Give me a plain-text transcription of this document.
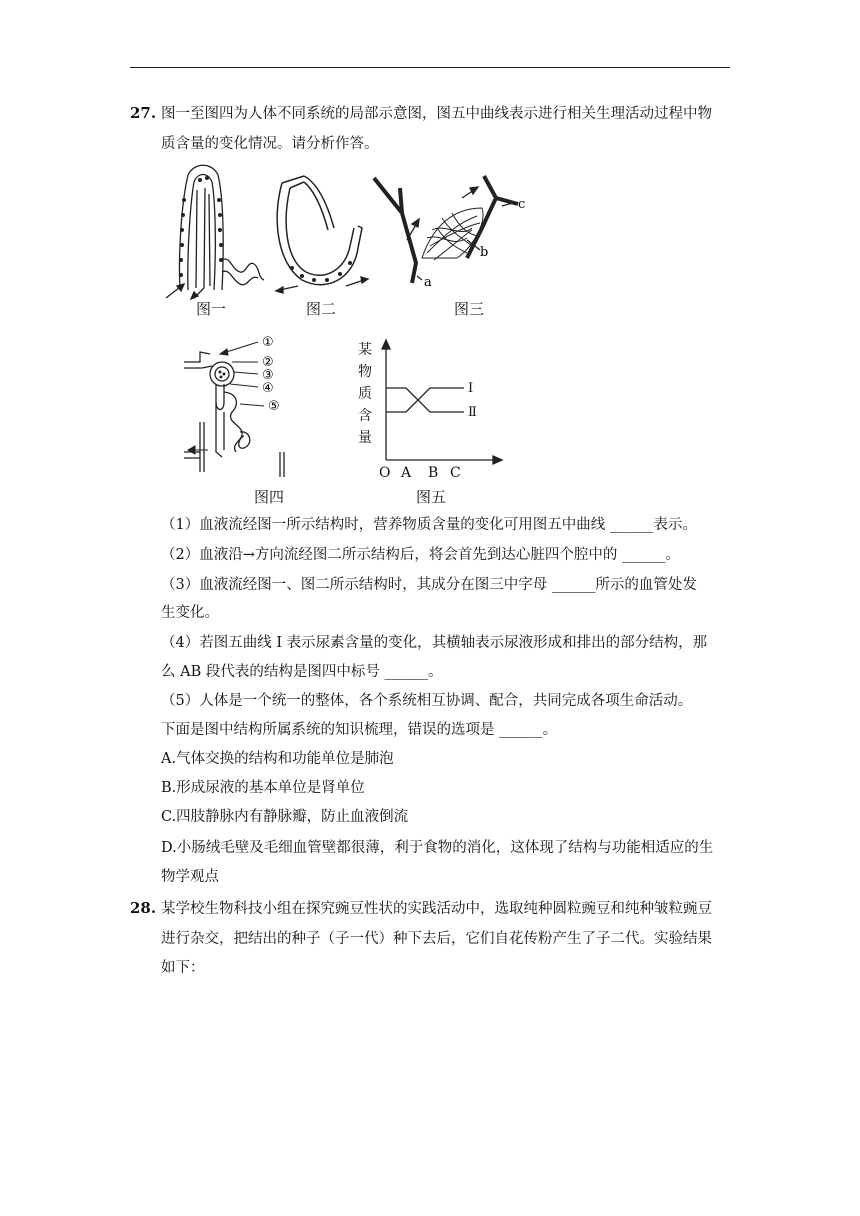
27. 图一至图四为人体不同系统的局部示意图，图五中曲线表示进行相关生理活动过程中物
质含量的变化情况。请分析作答。
图一	图二
a
b
c
图三
①
②
③
④
⑤
图四
某
物
质
含
量
Ⅰ
Ⅱ
O A B C
图五
（1）血液流经图一所示结构时，营养物质含量的变化可用图五中曲线 ______表示。
（2）血液沿→方向流经图二所示结构后，将会首先到达心脏四个腔中的 ______。
（3）血液流经图一、图二所示结构时，其成分在图三中字母 ______所示的血管处发
生变化。
（4）若图五曲线 I 表示尿素含量的变化，其横轴表示尿液形成和排出的部分结构，那
么 AB 段代表的结构是图四中标号 ______。
（5）人体是一个统一的整体，各个系统相互协调、配合，共同完成各项生命活动。
下面是图中结构所属系统的知识梳理，错误的选项是 ______。
A.气体交换的结构和功能单位是肺泡
B.形成尿液的基本单位是肾单位
C.四肢静脉内有静脉瓣，防止血液倒流
D.小肠绒毛壁及毛细血管壁都很薄，利于食物的消化，这体现了结构与功能相适应的生
物学观点
28. 某学校生物科技小组在探究豌豆性状的实践活动中，选取纯种圆粒豌豆和纯种皱粒豌豆
进行杂交，把结出的种子（子一代）种下去后，它们自花传粉产生了子二代。实验结果
如下：
